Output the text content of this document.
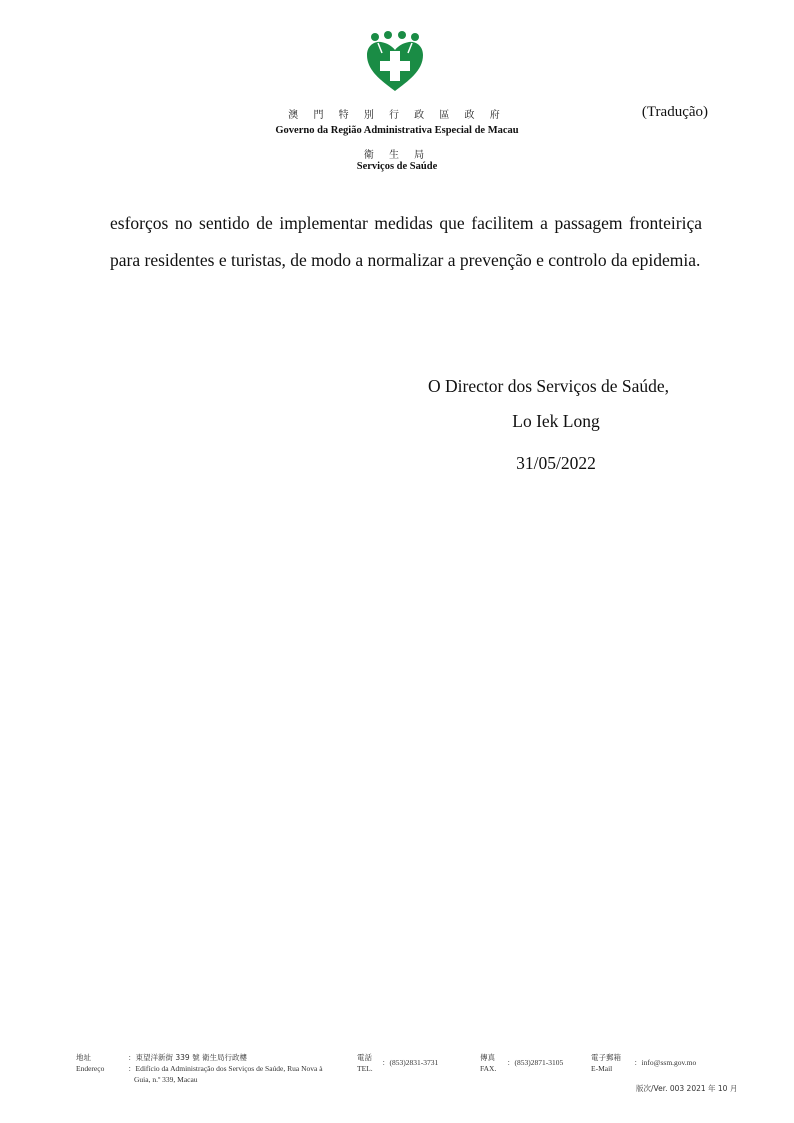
澳 門 特 別 行 政 區 政 府
Governo da Região Administrativa Especial de Macau
衛 生 局
Serviços de Saúde
(Tradução)
esforços no sentido de implementar medidas que facilitem a passagem fronteiriça para residentes e turistas, de modo a normalizar a prevenção e controlo da epidemia.
O Director dos Serviços de Saúde,
Lo Iek Long
31/05/2022
地址
Endereço
：東望洋新街 339 號 衛生局行政樓
：Edifício da Administração dos Serviços de Saúde, Rua Nova à
Guia, n.º 339, Macau
電話
TEL.
：(853)2831-3731
傳真
FAX.
：(853)2871-3105
電子郵箱
E-Mail
：info@ssm.gov.mo
版次/Ver. 003 2021 年 10 月
